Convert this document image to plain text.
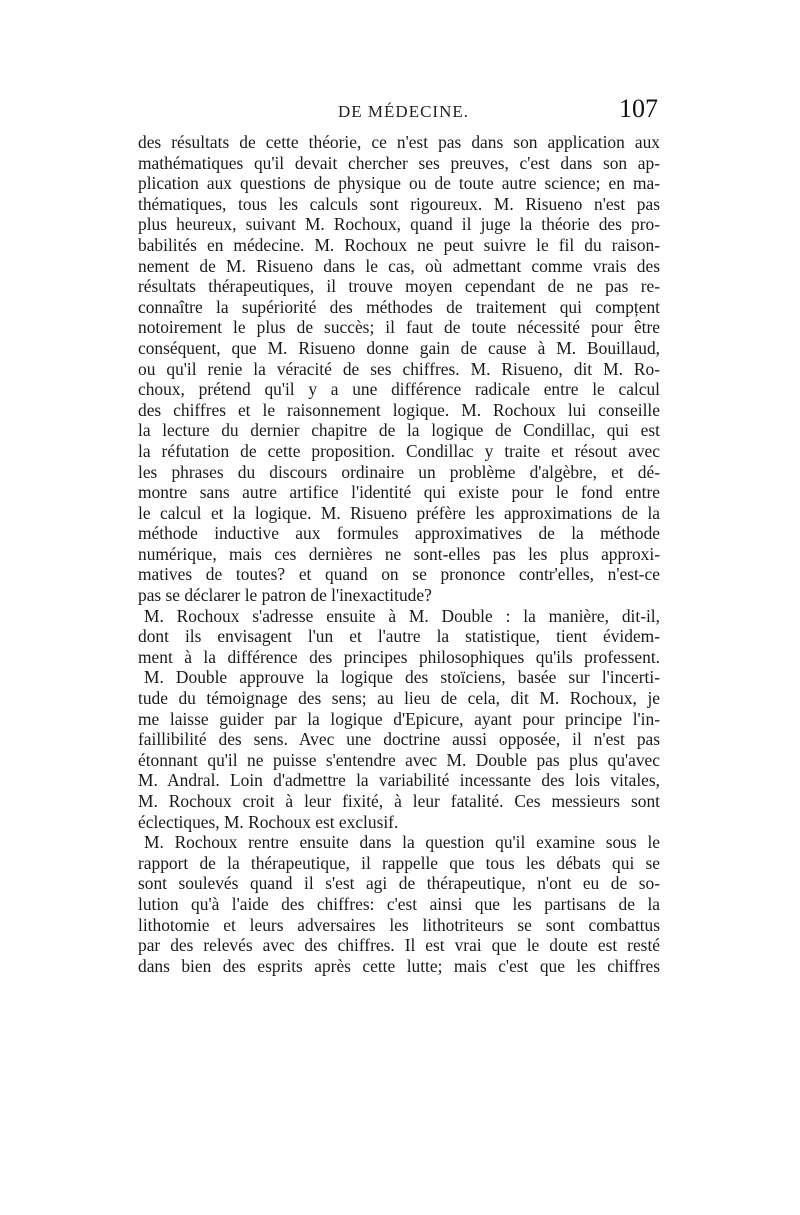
DE MÉDECINE.	107
des résultats de cette théorie, ce n'est pas dans son application aux
mathématiques qu'il devait chercher ses preuves, c'est dans son ap-
plication aux questions de physique ou de toute autre science; en ma-
thématiques, tous les calculs sont rigoureux. M. Risueno n'est pas
plus heureux, suivant M. Rochoux, quand il juge la théorie des pro-
babilités en médecine. M. Rochoux ne peut suivre le fil du raison-
nement de M. Risueno dans le cas, où admettant comme vrais des
résultats thérapeutiques, il trouve moyen cependant de ne pas re-
connaître la supériorité des méthodes de traitement qui compțent
notoirement le plus de succès; il faut de toute nécessité pour être
conséquent, que M. Risueno donne gain de cause à M. Bouillaud,
ou qu'il renie la véracité de ses chiffres. M. Risueno, dit M. Ro-
choux, prétend qu'il y a une différence radicale entre le calcul
des chiffres et le raisonnement logique. M. Rochoux lui conseille
la lecture du dernier chapitre de la logique de Condillac, qui est
la réfutation de cette proposition. Condillac y traite et résout avec
les phrases du discours ordinaire un problème d'algèbre, et dé-
montre sans autre artifice l'identité qui existe pour le fond entre
le calcul et la logique. M. Risueno préfère les approximations de la
méthode inductive aux formules approximatives de la méthode
numérique, mais ces dernières ne sont-elles pas les plus approxi-
matives de toutes? et quand on se prononce contr'elles, n'est-ce
pas se déclarer le patron de l'inexactitude?
M. Rochoux s'adresse ensuite à M. Double : la manière, dit-il,
dont ils envisagent l'un et l'autre la statistique, tient évidem-
ment à la différence des principes philosophiques qu'ils professent.
M. Double approuve la logique des stoïciens, basée sur l'incerti-
tude du témoignage des sens; au lieu de cela, dit M. Rochoux, je
me laisse guider par la logique d'Epicure, ayant pour principe l'in-
faillibilité des sens. Avec une doctrine aussi opposée, il n'est pas
étonnant qu'il ne puisse s'entendre avec M. Double pas plus qu'avec
M. Andral. Loin d'admettre la variabilité incessante des lois vitales,
M. Rochoux croit à leur fixité, à leur fatalité. Ces messieurs sont
éclectiques, M. Rochoux est exclusif.
M. Rochoux rentre ensuite dans la question qu'il examine sous le
rapport de la thérapeutique, il rappelle que tous les débats qui se
sont soulevés quand il s'est agi de thérapeutique, n'ont eu de so-
lution qu'à l'aide des chiffres: c'est ainsi que les partisans de la
lithotomie et leurs adversaires les lithotriteurs se sont combattus
par des relevés avec des chiffres. Il est vrai que le doute est resté
dans bien des esprits après cette lutte; mais c'est que les chiffres
